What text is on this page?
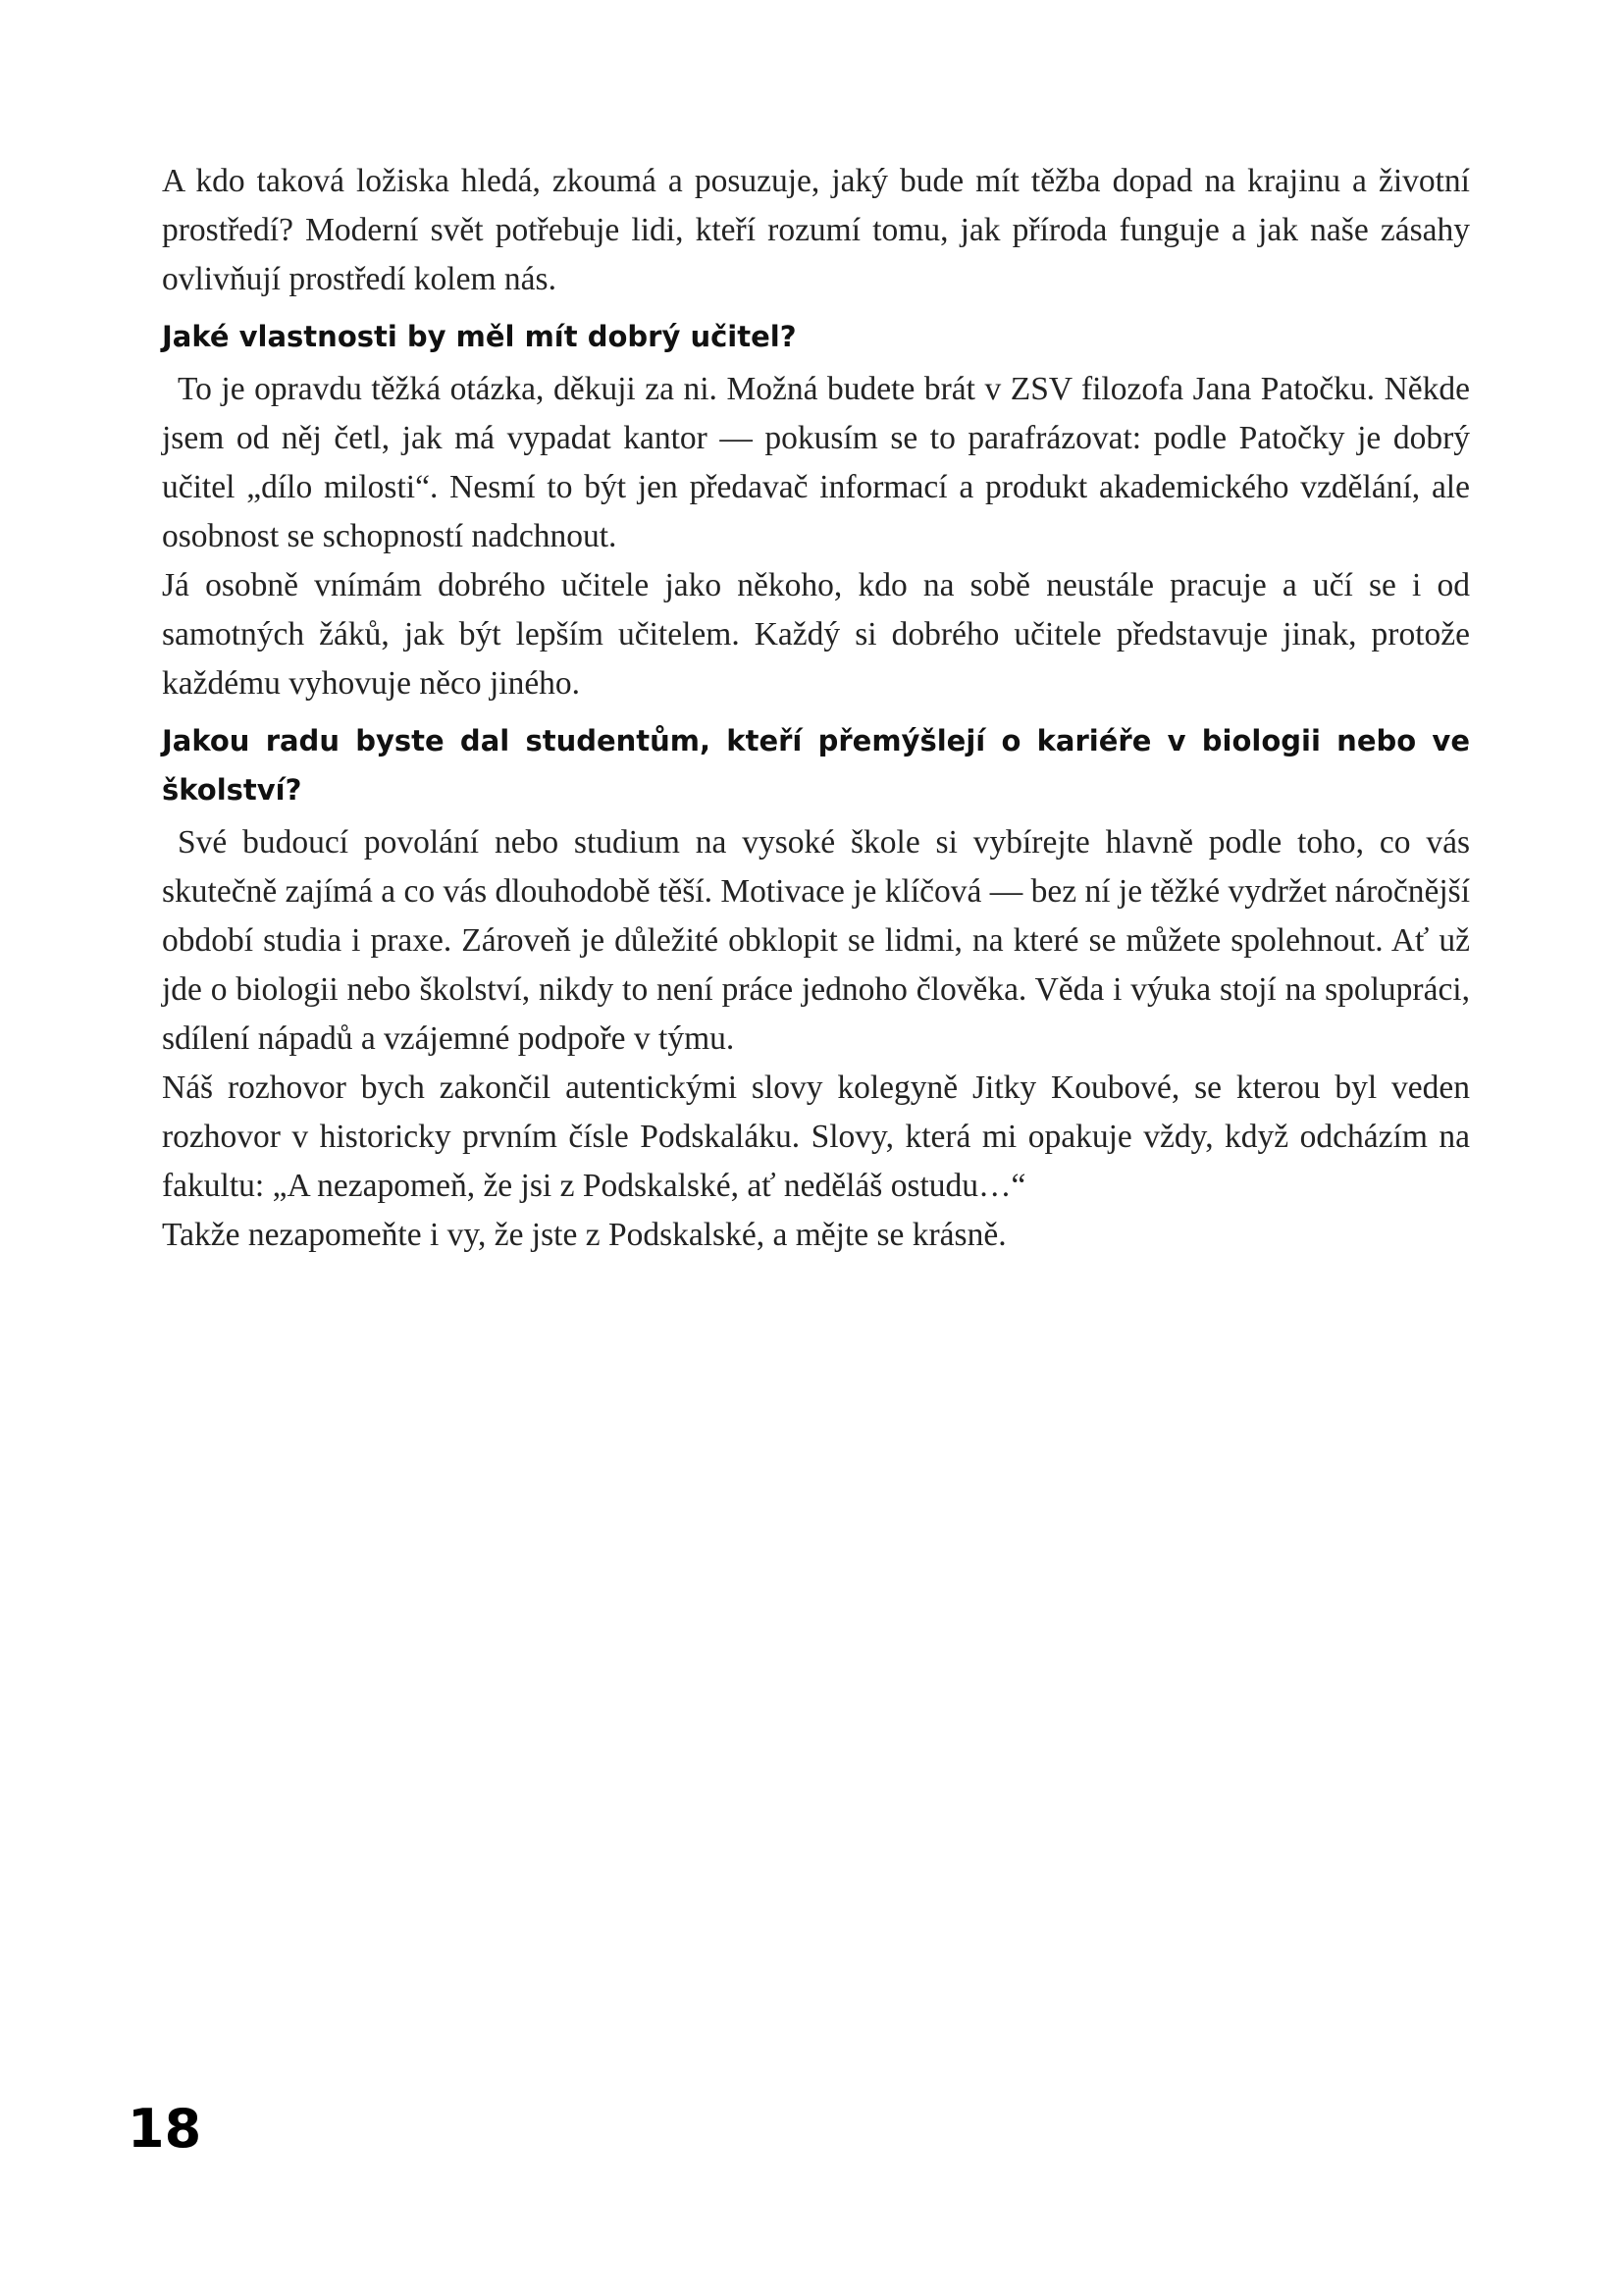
A kdo taková ložiska hledá, zkoumá a posuzuje, jaký bude mít těžba dopad na krajinu a životní prostředí? Moderní svět potřebuje lidi, kteří rozumí tomu, jak příroda funguje a jak naše zásahy ovlivňují prostředí kolem nás.

Jaké vlastnosti by měl mít dobrý učitel?

To je opravdu těžká otázka, děkuji za ni. Možná budete brát v ZSV filozofa Jana Patočku. Někde jsem od něj četl, jak má vypadat kantor — pokusím se to parafrázovat: podle Patočky je dobrý učitel „dílo milosti“. Nesmí to být jen předavač informací a produkt akademického vzdělání, ale osobnost se schopností nadchnout.

Já osobně vnímám dobrého učitele jako někoho, kdo na sobě neustále pracuje a učí se i od samotných žáků, jak být lepším učitelem. Každý si dobrého učitele představuje jinak, protože každému vyhovuje něco jiného.

Jakou radu byste dal studentům, kteří přemýšlejí o kariéře v biologii nebo ve školství?

Své budoucí povolání nebo studium na vysoké škole si vybírejte hlavně podle toho, co vás skutečně zajímá a co vás dlouhodobě těší. Motivace je klíčová — bez ní je těžké vydržet náročnější období studia i praxe. Zároveň je důležité obklopit se lidmi, na které se můžete spolehnout. Ať už jde o biologii nebo školství, nikdy to není práce jednoho člověka. Věda i výuka stojí na spolupráci, sdílení nápadů a vzájemné podpoře v týmu.

Náš rozhovor bych zakončil autentickými slovy kolegyně Jitky Koubové, se kterou byl veden rozhovor v historicky prvním čísle Podskaláku. Slovy, která mi opakuje vždy, když odcházím na fakultu: „A nezapomeň, že jsi z Podskalské, ať neděláš ostudu…“

Takže nezapomeňte i vy, že jste z Podskalské, a mějte se krásně.

18
